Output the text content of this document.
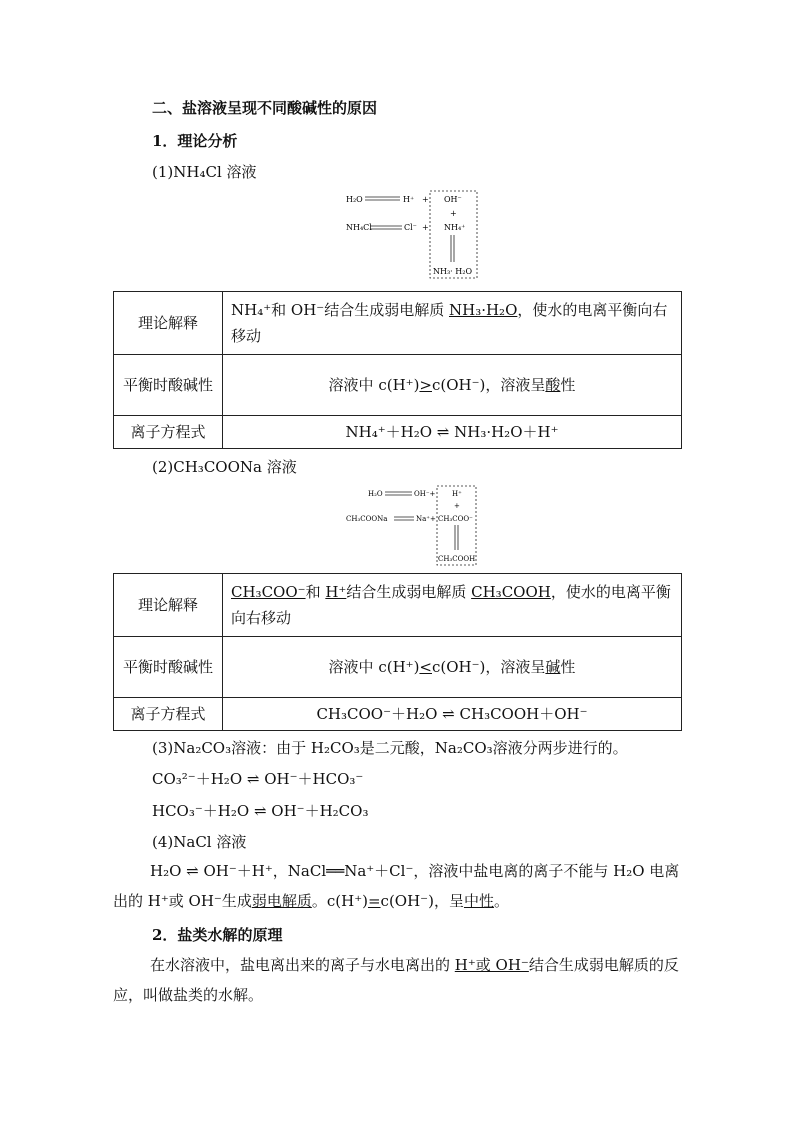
二、盐溶液呈现不同酸碱性的原因
1．理论分析
(1)NH₄Cl 溶液
H₂O	H⁺ + OH⁻
+
NH₄Cl	Cl⁻ + NH₄⁺
NH₃· H₂O
理论解释	NH₄⁺和 OH⁻结合生成弱电解质 NH₃·H₂O，使水的电离平衡向右移动
平衡时酸碱性	溶液中 c(H⁺)>c(OH⁻)，溶液呈酸性
离子方程式	NH₄⁺＋H₂O ⇌ NH₃·H₂O＋H⁺
(2)CH₃COONa 溶液
H₂O	OH⁻+ H⁺
+
CH₃COONa	Na⁺+ CH₃COO⁻
CH₃COOH
理论解释	CH₃COO⁻和 H⁺结合生成弱电解质 CH₃COOH，使水的电离平衡向右移动
平衡时酸碱性	溶液中 c(H⁺)<c(OH⁻)，溶液呈碱性
离子方程式	CH₃COO⁻＋H₂O ⇌ CH₃COOH＋OH⁻
(3)Na₂CO₃溶液：由于 H₂CO₃是二元酸，Na₂CO₃溶液分两步进行的。
CO₃²⁻＋H₂O ⇌ OH⁻＋HCO₃⁻
HCO₃⁻＋H₂O ⇌ OH⁻＋H₂CO₃
(4)NaCl 溶液
H₂O ⇌ OH⁻＋H⁺，NaCl══Na⁺＋Cl⁻，溶液中盐电离的离子不能与 H₂O 电离出的 H⁺或 OH⁻生成弱电解质。c(H⁺)=c(OH⁻)，呈中性。
2．盐类水解的原理
在水溶液中，盐电离出来的离子与水电离出的 H⁺或 OH⁻结合生成弱电解质的反应，叫做盐类的水解。
